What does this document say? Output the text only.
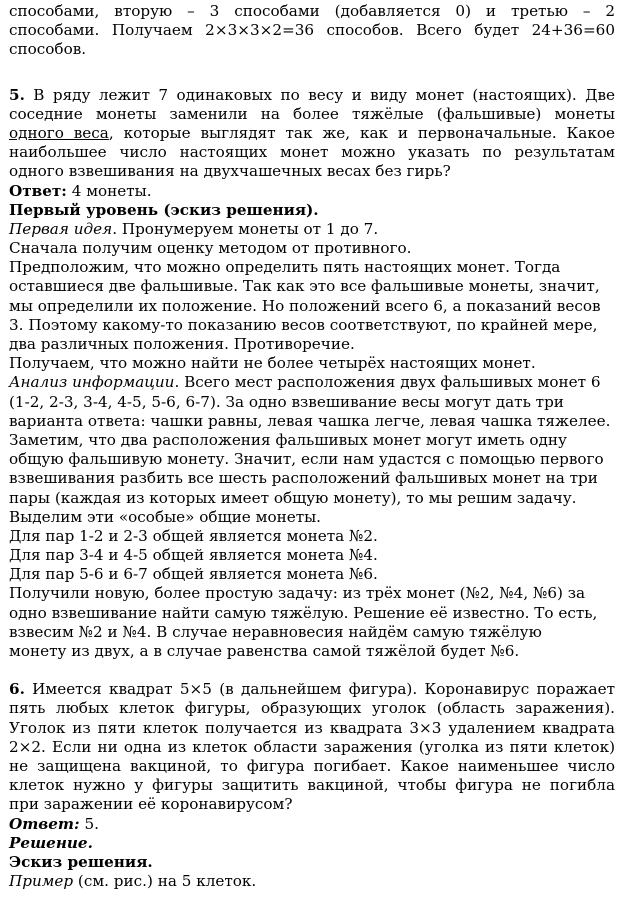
способами, вторую – 3 способами (добавляется 0) и третью – 2
способами. Получаем 2×3×3×2=36 способов. Всего будет 24+36=60
способов.
5. В ряду лежит 7 одинаковых по весу и виду монет (настоящих). Две
соседние монеты заменили на более тяжёлые (фальшивые) монеты
одного веса, которые выглядят так же, как и первоначальные. Какое
наибольшее число настоящих монет можно указать по результатам
одного взвешивания на двухчашечных весах без гирь?
Ответ: 4 монеты.
Первый уровень (эскиз решения).
Первая идея. Пронумеруем монеты от 1 до 7.
Сначала получим оценку методом от противного.
Предположим, что можно определить пять настоящих монет. Тогда
оставшиеся две фальшивые. Так как это все фальшивые монеты, значит,
мы определили их положение. Но положений всего 6, а показаний весов
3. Поэтому какому-то показанию весов соответствуют, по крайней мере,
два различных положения. Противоречие.
Получаем, что можно найти не более четырёх настоящих монет.
Анализ информации. Всего мест расположения двух фальшивых монет 6
(1-2, 2-3, 3-4, 4-5, 5-6, 6-7). За одно взвешивание весы могут дать три
варианта ответа: чашки равны, левая чашка легче, левая чашка тяжелее.
Заметим, что два расположения фальшивых монет могут иметь одну
общую фальшивую монету. Значит, если нам удастся с помощью первого
взвешивания разбить все шесть расположений фальшивых монет на три
пары (каждая из которых имеет общую монету), то мы решим задачу.
Выделим эти «особые» общие монеты.
Для пар 1-2 и 2-3 общей является монета №2.
Для пар 3-4 и 4-5 общей является монета №4.
Для пар 5-6 и 6-7 общей является монета №6.
Получили новую, более простую задачу: из трёх монет (№2, №4, №6) за
одно взвешивание найти самую тяжёлую. Решение её известно. То есть,
взвесим №2 и №4. В случае неравновесия найдём самую тяжёлую
монету из двух, а в случае равенства самой тяжёлой будет №6.
6. Имеется квадрат 5×5 (в дальнейшем фигура). Коронавирус поражает
пять любых клеток фигуры, образующих уголок (область заражения).
Уголок из пяти клеток получается из квадрата 3×3 удалением квадрата
2×2. Если ни одна из клеток области заражения (уголка из пяти клеток)
не защищена вакциной, то фигура погибает. Какое наименьшее число
клеток нужно у фигуры защитить вакциной, чтобы фигура не погибла
при заражении её коронавирусом?
Ответ: 5.
Решение.
Эскиз решения.
Пример (см. рис.) на 5 клеток.
